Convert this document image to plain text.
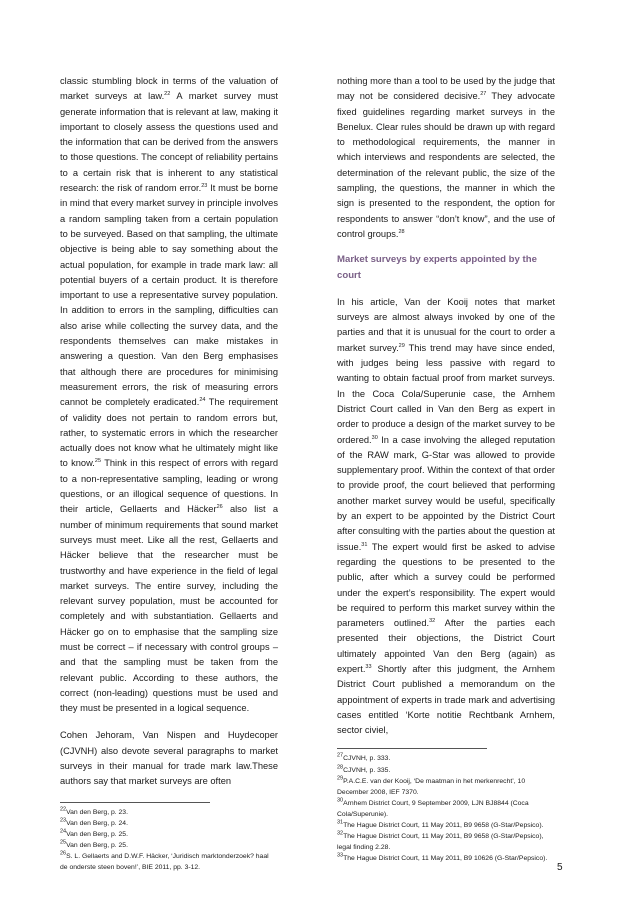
classic stumbling block in terms of the valuation of market surveys at law.$^{22}$ A market survey must generate information that is relevant at law, making it important to closely assess the questions used and the information that can be derived from the answers to those questions. The concept of reliability pertains to a certain risk that is inherent to any statistical research: the risk of random error.$^{23}$ It must be borne in mind that every market survey in principle involves a random sampling taken from a certain population to be surveyed. Based on that sampling, the ultimate objective is being able to say something about the actual population, for example in trade mark law: all potential buyers of a certain product. It is therefore important to use a representative survey population. In addition to errors in the sampling, difficulties can also arise while collecting the survey data, and the respondents themselves can make mistakes in answering a question. Van den Berg emphasises that although there are procedures for minimising measurement errors, the risk of measuring errors cannot be completely eradicated.$^{24}$ The requirement of validity does not pertain to random errors but, rather, to systematic errors in which the researcher actually does not know what he ultimately might like to know.$^{25}$ Think in this respect of errors with regard to a non-representative sampling, leading or wrong questions, or an illogical sequence of questions. In their article, Gellaerts and Häcker$^{26}$ also list a number of minimum requirements that sound market surveys must meet. Like all the rest, Gellaerts and Häcker believe that the researcher must be trustworthy and have experience in the field of legal market surveys. The entire survey, including the relevant survey population, must be accounted for completely and with substantiation. Gellaerts and Häcker go on to emphasise that the sampling size must be correct – if necessary with control groups – and that the sampling must be taken from the relevant public. According to these authors, the correct (non-leading) questions must be used and they must be presented in a logical sequence.

Cohen Jehoram, Van Nispen and Huydecoper (CJVNH) also devote several paragraphs to market surveys in their manual for trade mark law.These authors say that market surveys are often

$^{22}$Van den Berg, p. 23.

$^{23}$Van den Berg, p. 24.

$^{24}$Van den Berg, p. 25.

$^{25}$Van den Berg, p. 25.

$^{26}$S. L. Gellaerts and D.W.F. Häcker, ‘Juridisch marktonderzoek? haal de onderste steen boven!’, BIE 2011, pp. 3-12.

nothing more than a tool to be used by the judge that may not be considered decisive.$^{27}$ They advocate fixed guidelines regarding market surveys in the Benelux. Clear rules should be drawn up with regard to methodological requirements, the manner in which interviews and respondents are selected, the determination of the relevant public, the size of the sampling, the questions, the manner in which the sign is presented to the respondent, the option for respondents to answer “don’t know”, and the use of control groups.$^{28}$

Market surveys by experts appointed by the court

In his article, Van der Kooij notes that market surveys are almost always invoked by one of the parties and that it is unusual for the court to order a market survey.$^{29}$ This trend may have since ended, with judges being less passive with regard to wanting to obtain factual proof from market surveys. In the Coca Cola/Superunie case, the Arnhem District Court called in Van den Berg as expert in order to produce a design of the market survey to be ordered.$^{30}$ In a case involving the alleged reputation of the RAW mark, G-Star was allowed to provide supplementary proof. Within the context of that order to provide proof, the court believed that performing another market survey would be useful, specifically by an expert to be appointed by the District Court after consulting with the parties about the question at issue.$^{31}$ The expert would first be asked to advise regarding the questions to be presented to the public, after which a survey could be performed under the expert’s responsibility. The expert would be required to perform this market survey within the parameters outlined.$^{32}$ After the parties each presented their objections, the District Court ultimately appointed Van den Berg (again) as expert.$^{33}$ Shortly after this judgment, the Arnhem District Court published a memorandum on the appointment of experts in trade mark and advertising cases entitled ‘Korte notitie Rechtbank Arnhem, sector civiel,

$^{27}$CJVNH, p. 333.

$^{28}$CJVNH, p. 335.

$^{29}$P.A.C.E. van der Kooij, ‘De maatman in het merkenrecht’, 10 December 2008, IEF 7370.

$^{30}$Arnhem District Court, 9 September 2009, LJN BJ8844 (Coca Cola/Superunie).

$^{31}$The Hague District Court, 11 May 2011, B9 9658 (G-Star/Pepsico).

$^{32}$The Hague District Court, 11 May 2011, B9 9658 (G-Star/Pepsico), legal finding 2.28.

$^{33}$The Hague District Court, 11 May 2011, B9 10626 (G-Star/Pepsico).

5
